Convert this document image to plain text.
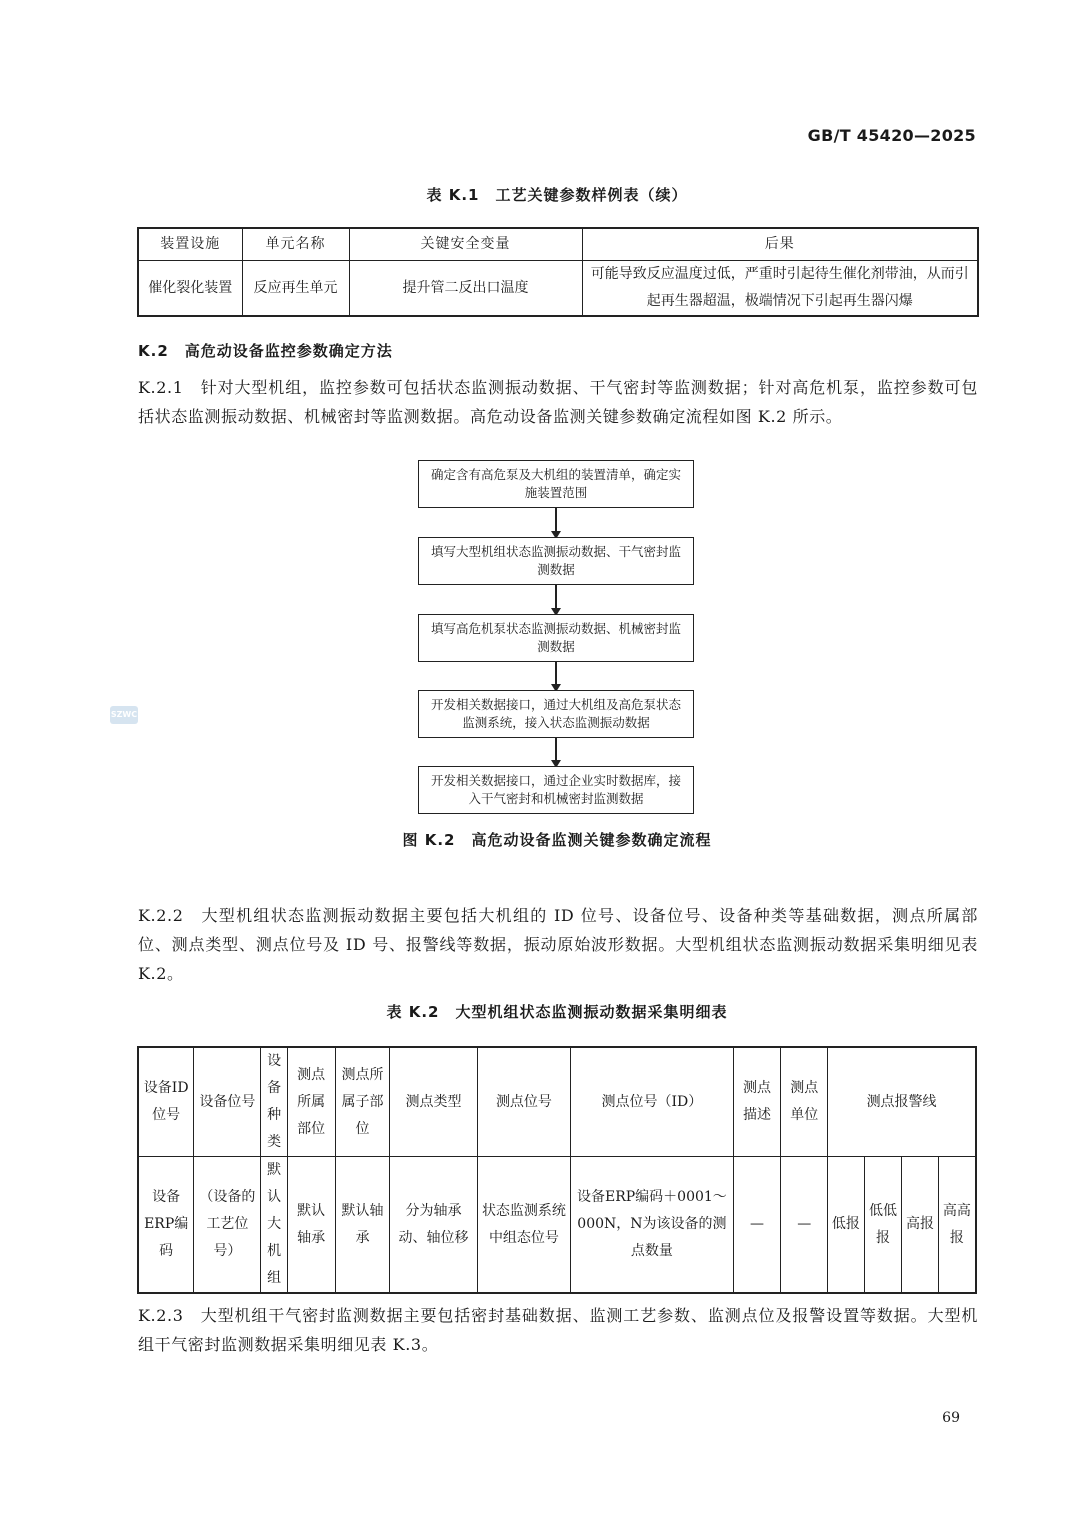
GB/T 45420—2025
表 K.1　工艺关键参数样例表（续）
装置设施	单元名称	关键安全变量	后果
催化裂化装置	反应再生单元	提升管二反出口温度	可能导致反应温度过低，严重时引起待生催化剂带油，从而引起再生器超温，极端情况下引起再生器闪爆
K.2　高危动设备监控参数确定方法
K.2.1　针对大型机组，监控参数可包括状态监测振动数据、干气密封等监测数据；针对高危机泵，监控参数可包括状态监测振动数据、机械密封等监测数据。高危动设备监测关键参数确定流程如图 K.2 所示。
确定含有高危泵及大机组的装置清单，确定实施装置范围
填写大型机组状态监测振动数据、干气密封监测数据
填写高危机泵状态监测振动数据、机械密封监测数据
开发相关数据接口，通过大机组及高危泵状态监测系统，接入状态监测振动数据
开发相关数据接口，通过企业实时数据库，接入干气密封和机械密封监测数据
图 K.2　高危动设备监测关键参数确定流程
K.2.2　大型机组状态监测振动数据主要包括大机组的 ID 位号、设备位号、设备种类等基础数据，测点所属部位、测点类型、测点位号及 ID 号、报警线等数据，振动原始波形数据。大型机组状态监测振动数据采集明细见表 K.2。
表 K.2　大型机组状态监测振动数据采集明细表
设备ID位号	设备位号	设备种类	测点所属部位	测点所属子部位	测点类型	测点位号	测点位号（ID）	测点描述	测点单位	测点报警线			
设备ERP编码	（设备的工艺位号）	默认大机组	默认轴承	默认轴承	分为轴承动、轴位移	状态监测系统中组态位号	设备ERP编码＋0001～000N，N为该设备的测点数量	—	—	低报	低低报	高报	高高报
K.2.3　大型机组干气密封监测数据主要包括密封基础数据、监测工艺参数、监测点位及报警设置等数据。大型机组干气密封监测数据采集明细见表 K.3。
69
SZWC
